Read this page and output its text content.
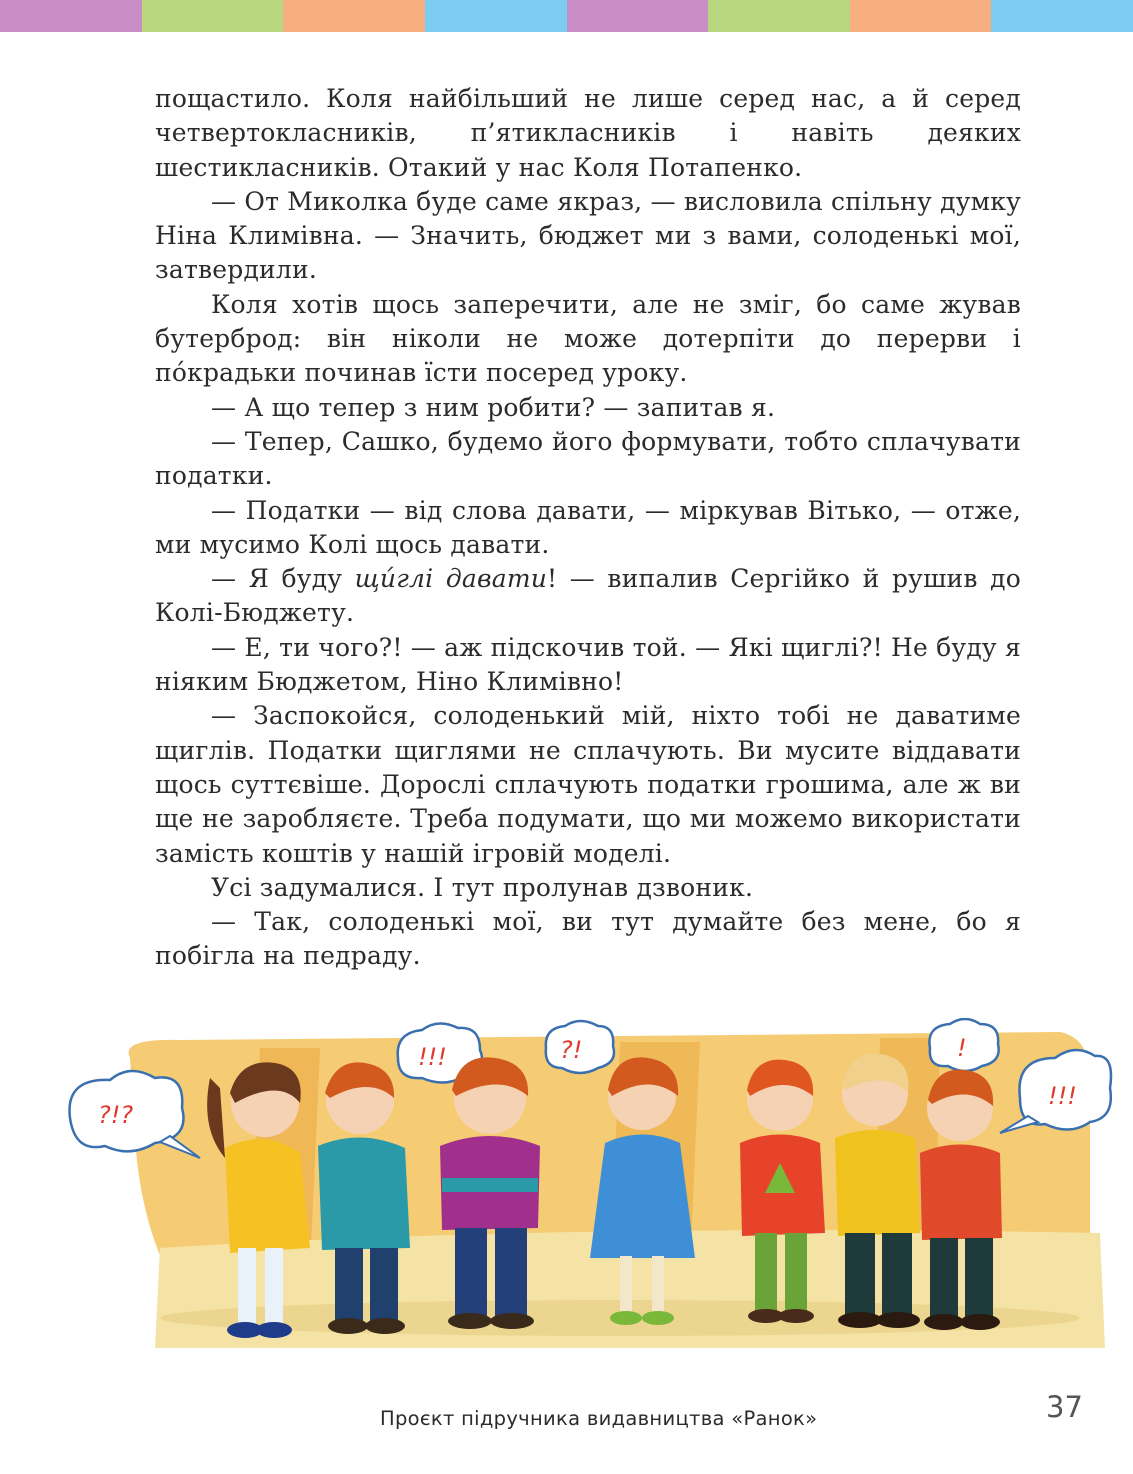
пощастило. Коля найбільший не лише серед нас, а й серед четвертокласників, п’ятикласників і навіть деяких шестикласників. Отакий у нас Коля Потапенко.

— От Миколка буде саме якраз, — висловила спільну думку Ніна Климівна. — Значить, бюджет ми з вами, солоденькі мої, затвердили.

Коля хотів щось заперечити, але не зміг, бо саме жував бутерброд: він ніколи не може дотерпіти до перерви і по́крадьки починав їсти посеред уроку.

— А що тепер з ним робити? — запитав я.

— Тепер, Сашко, будемо його формувати, тобто сплачувати податки.

— Податки — від слова давати, — міркував Вітько, — отже, ми мусимо Колі щось давати.

— Я буду щи́глі давати! — випалив Сергійко й рушив до Колі-Бюджету.

— Е, ти чого?! — аж підскочив той. — Які щиглі?! Не буду я ніяким Бюджетом, Ніно Климівно!

— Заспокойся, солоденький мій, ніхто тобі не даватиме щиглів. Податки щиглями не сплачують. Ви мусите віддавати щось суттєвіше. Дорослі сплачують податки грошима, але ж ви ще не заробляєте. Треба подумати, що ми можемо використати замість коштів у нашій ігровій моделі.

Усі задумалися. І тут пролунав дзвоник.

— Так, солоденькі мої, ви тут думайте без мене, бо я побігла на педраду.

?!?
!!!	?!	!
!!!
Проєкт підручника видавництва «Ранок»	37
